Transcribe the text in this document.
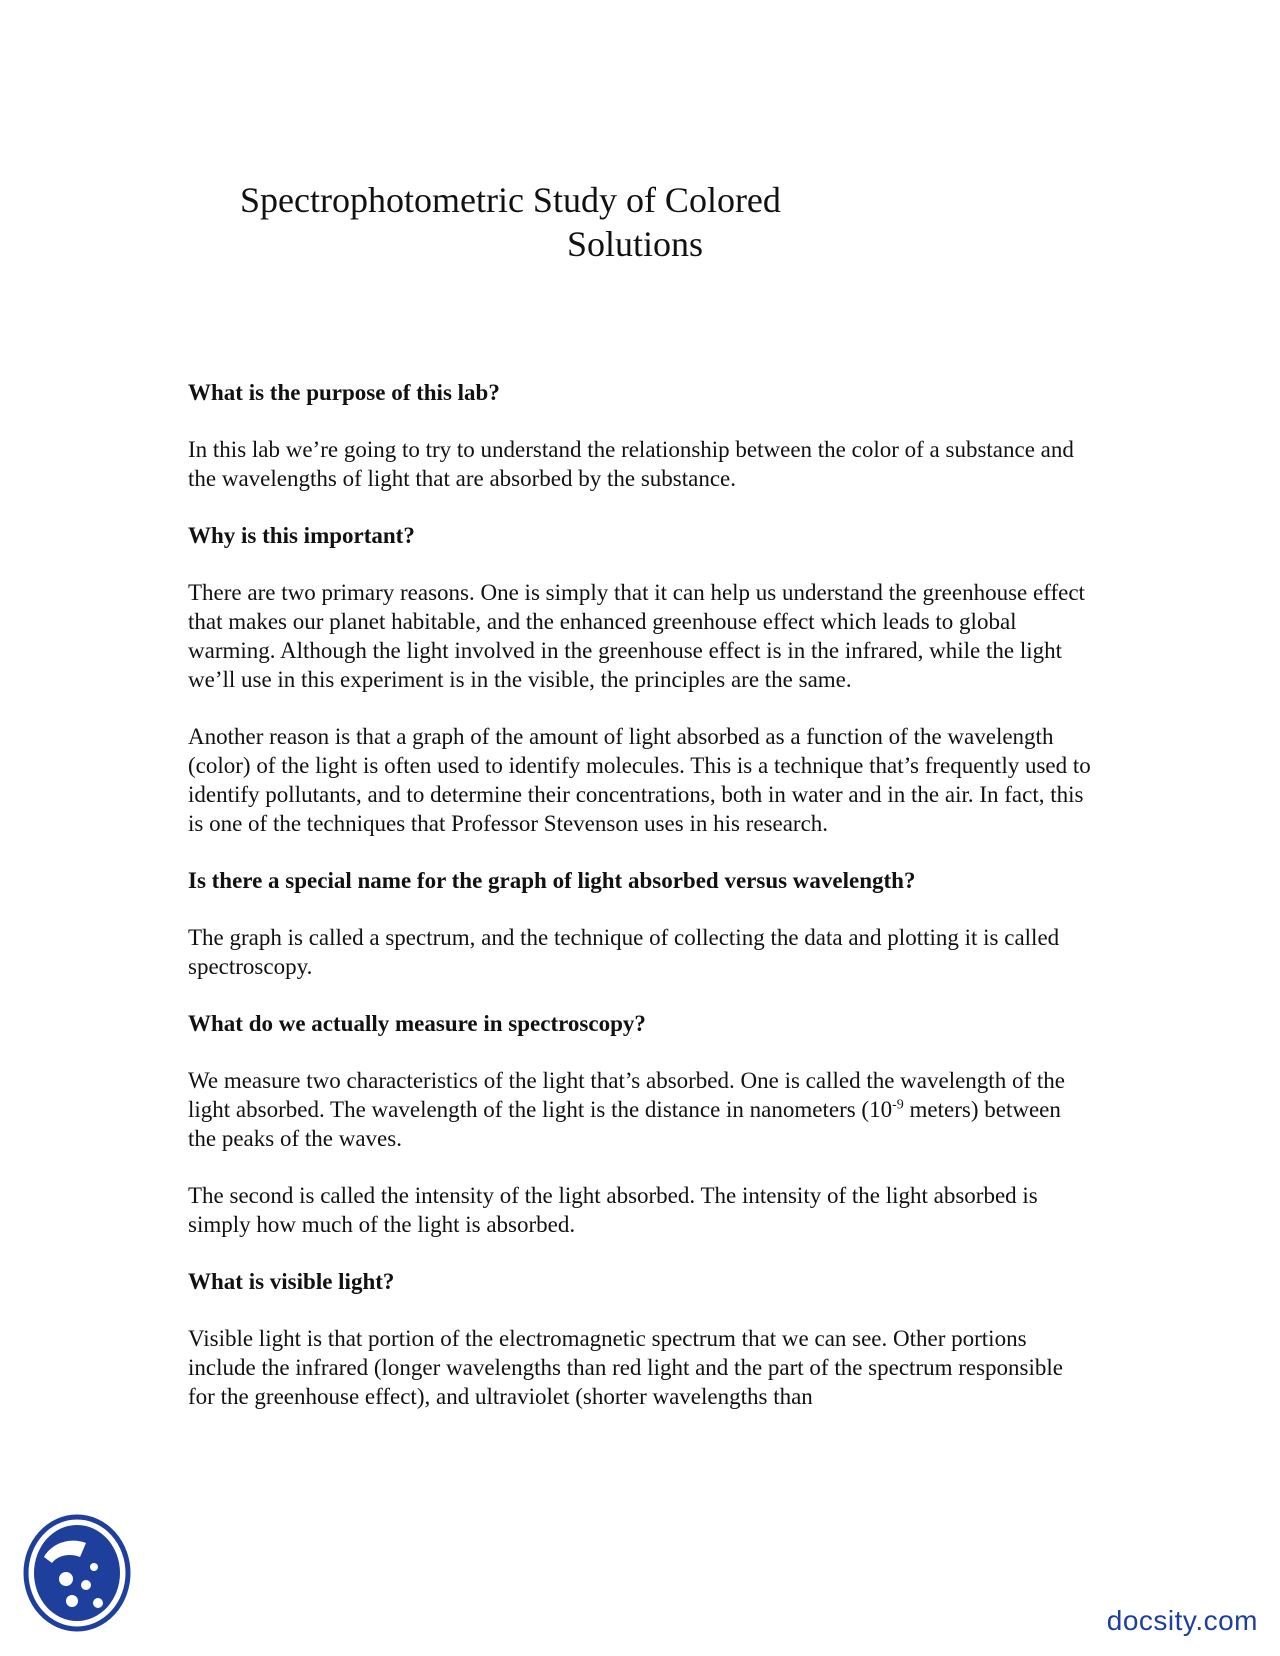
Spectrophotometric Study of Colored
Solutions
What is the purpose of this lab?

In this lab we’re going to try to understand the relationship between the color of a substance and the wavelengths of light that are absorbed by the substance.

Why is this important?

There are two primary reasons. One is simply that it can help us understand the greenhouse effect that makes our planet habitable, and the enhanced greenhouse effect which leads to global warming. Although the light involved in the greenhouse effect is in the infrared, while the light we’ll use in this experiment is in the visible, the principles are the same.

Another reason is that a graph of the amount of light absorbed as a function of the wavelength (color) of the light is often used to identify molecules. This is a technique that’s frequently used to identify pollutants, and to determine their concentrations, both in water and in the air. In fact, this is one of the techniques that Professor Stevenson uses in his research.

Is there a special name for the graph of light absorbed versus wavelength?

The graph is called a spectrum, and the technique of collecting the data and plotting it is called spectroscopy.

What do we actually measure in spectroscopy?

We measure two characteristics of the light that’s absorbed. One is called the wavelength of the light absorbed. The wavelength of the light is the distance in nanometers ($10^{-9}$ meters) between the peaks of the waves.

The second is called the intensity of the light absorbed. The intensity of the light absorbed is simply how much of the light is absorbed.

What is visible light?

Visible light is that portion of the electromagnetic spectrum that we can see. Other portions include the infrared (longer wavelengths than red light and the part of the spectrum responsible for the greenhouse effect), and ultraviolet (shorter wavelengths than

docsity.com
